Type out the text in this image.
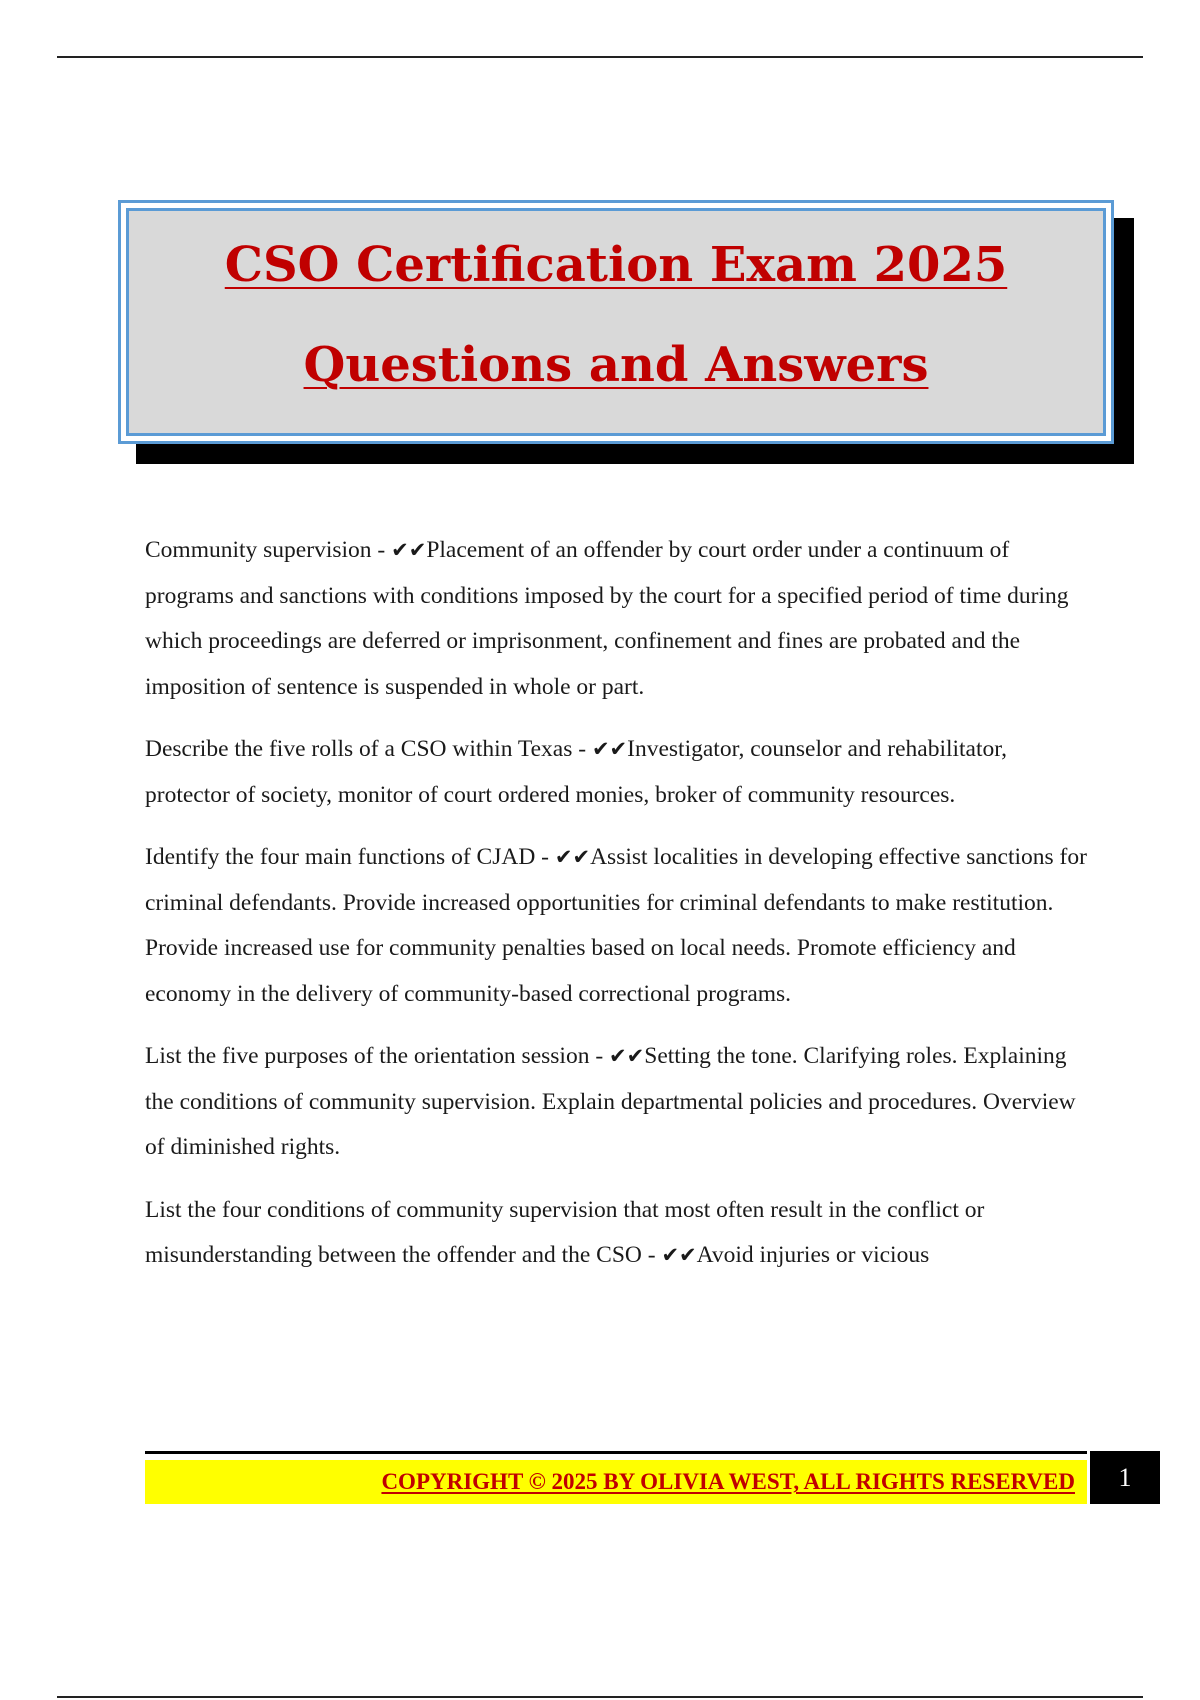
CSO Certification Exam 2025
Questions and Answers

Community supervision - ✔✔Placement of an offender by court order under a continuum of programs and sanctions with conditions imposed by the court for a specified period of time during which proceedings are deferred or imprisonment, confinement and fines are probated and the imposition of sentence is suspended in whole or part.

Describe the five rolls of a CSO within Texas - ✔✔Investigator, counselor and rehabilitator, protector of society, monitor of court ordered monies, broker of community resources.

Identify the four main functions of CJAD - ✔✔Assist localities in developing effective sanctions for criminal defendants. Provide increased opportunities for criminal defendants to make restitution. Provide increased use for community penalties based on local needs. Promote efficiency and economy in the delivery of community-based correctional programs.

List the five purposes of the orientation session - ✔✔Setting the tone. Clarifying roles. Explaining the conditions of community supervision. Explain departmental policies and procedures. Overview of diminished rights.

List the four conditions of community supervision that most often result in the conflict or misunderstanding between the offender and the CSO - ✔✔Avoid injuries or vicious

COPYRIGHT © 2025 BY OLIVIA WEST, ALL RIGHTS RESERVED	1
